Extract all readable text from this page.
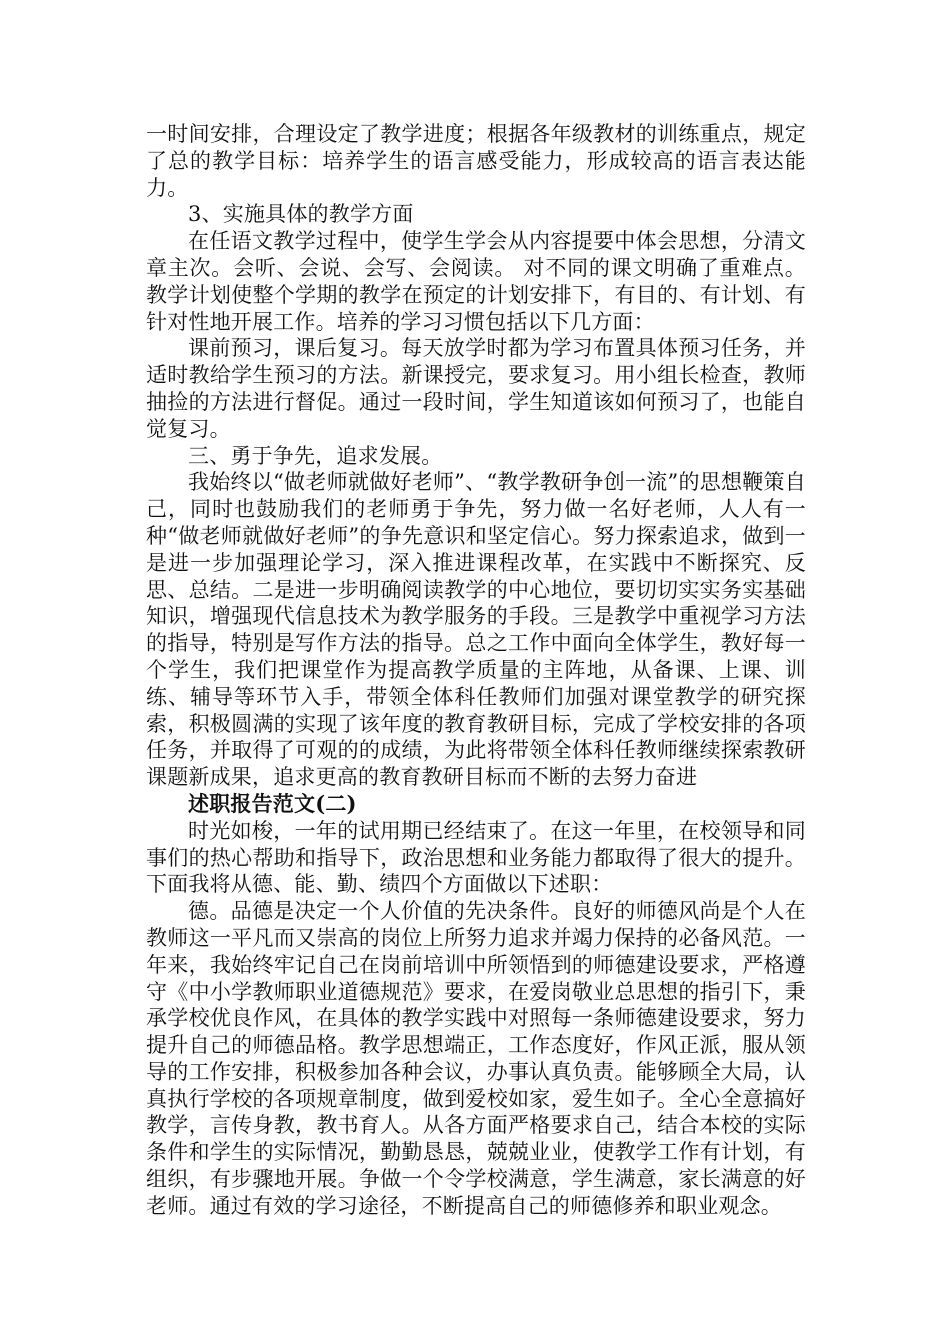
一时间安排，合理设定了教学进度；根据各年级教材的训练重点，规定了总的教学目标：培养学生的语言感受能力，形成较高的语言表达能力。

3、实施具体的教学方面

在任语文教学过程中，使学生学会从内容提要中体会思想，分清文章主次。会听、会说、会写、会阅读。 对不同的课文明确了重难点。教学计划使整个学期的教学在预定的计划安排下，有目的、有计划、有针对性地开展工作。培养的学习习惯包括以下几方面：

课前预习，课后复习。每天放学时都为学习布置具体预习任务，并适时教给学生预习的方法。新课授完，要求复习。用小组长检查，教师抽捡的方法进行督促。通过一段时间，学生知道该如何预习了，也能自觉复习。

三、勇于争先，追求发展。

我始终以“做老师就做好老师”、“教学教研争创一流”的思想鞭策自己，同时也鼓励我们的老师勇于争先，努力做一名好老师，人人有一种“做老师就做好老师”的争先意识和坚定信心。努力探索追求，做到一是进一步加强理论学习，深入推进课程改革，在实践中不断探究、反思、总结。二是进一步明确阅读教学的中心地位，要切切实实务实基础知识，增强现代信息技术为教学服务的手段。三是教学中重视学习方法的指导，特别是写作方法的指导。总之工作中面向全体学生，教好每一个学生，我们把课堂作为提高教学质量的主阵地，从备课、上课、训练、辅导等环节入手，带领全体科任教师们加强对课堂教学的研究探索，积极圆满的实现了该年度的教育教研目标，完成了学校安排的各项任务，并取得了可观的的成绩，为此将带领全体科任教师继续探索教研课题新成果，追求更高的教育教研目标而不断的去努力奋进

述职报告范文(二)

时光如梭，一年的试用期已经结束了。在这一年里，在校领导和同事们的热心帮助和指导下，政治思想和业务能力都取得了很大的提升。下面我将从德、能、勤、绩四个方面做以下述职：

德。品德是决定一个人价值的先决条件。良好的师德风尚是个人在教师这一平凡而又崇高的岗位上所努力追求并竭力保持的必备风范。一年来，我始终牢记自己在岗前培训中所领悟到的师德建设要求，严格遵守《中小学教师职业道德规范》要求，在爱岗敬业总思想的指引下，秉承学校优良作风，在具体的教学实践中对照每一条师德建设要求，努力提升自己的师德品格。教学思想端正，工作态度好，作风正派，服从领导的工作安排，积极参加各种会议，办事认真负责。能够顾全大局，认真执行学校的各项规章制度，做到爱校如家，爱生如子。全心全意搞好教学，言传身教，教书育人。从各方面严格要求自己，结合本校的实际条件和学生的实际情况，勤勤恳恳，兢兢业业，使教学工作有计划，有组织，有步骤地开展。争做一个令学校满意，学生满意，家长满意的好老师。通过有效的学习途径，不断提高自己的师德修养和职业观念。
